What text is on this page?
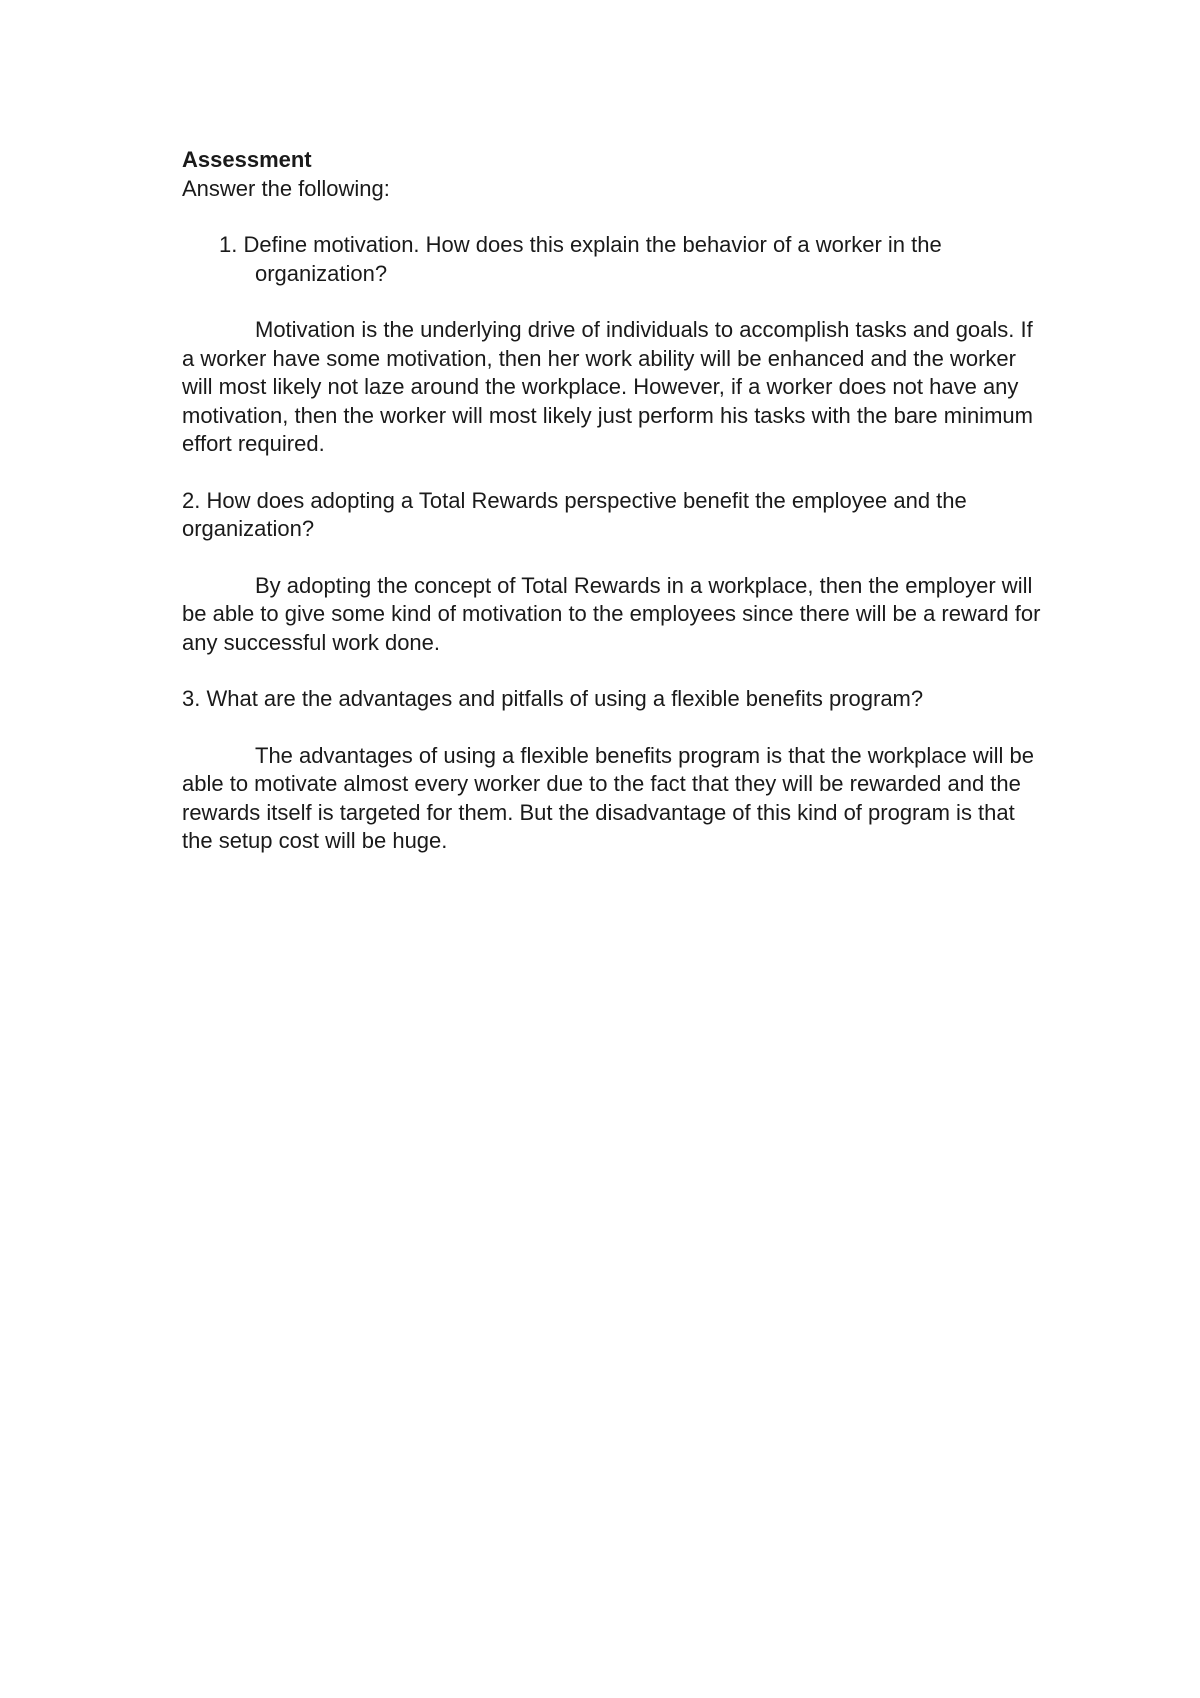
Assessment

Answer the following:

1. Define motivation. How does this explain the behavior of a worker in the organization?

Motivation is the underlying drive of individuals to accomplish tasks and goals. If a worker have some motivation, then her work ability will be enhanced and the worker will most likely not laze around the workplace. However, if a worker does not have any motivation, then the worker will most likely just perform his tasks with the bare minimum effort required.

2. How does adopting a Total Rewards perspective benefit the employee and the organization?

By adopting the concept of Total Rewards in a workplace, then the employer will be able to give some kind of motivation to the employees since there will be a reward for any successful work done.

3. What are the advantages and pitfalls of using a flexible benefits program?

The advantages of using a flexible benefits program is that the workplace will be able to motivate almost every worker due to the fact that they will be rewarded and the rewards itself is targeted for them. But the disadvantage of this kind of program is that the setup cost will be huge.
